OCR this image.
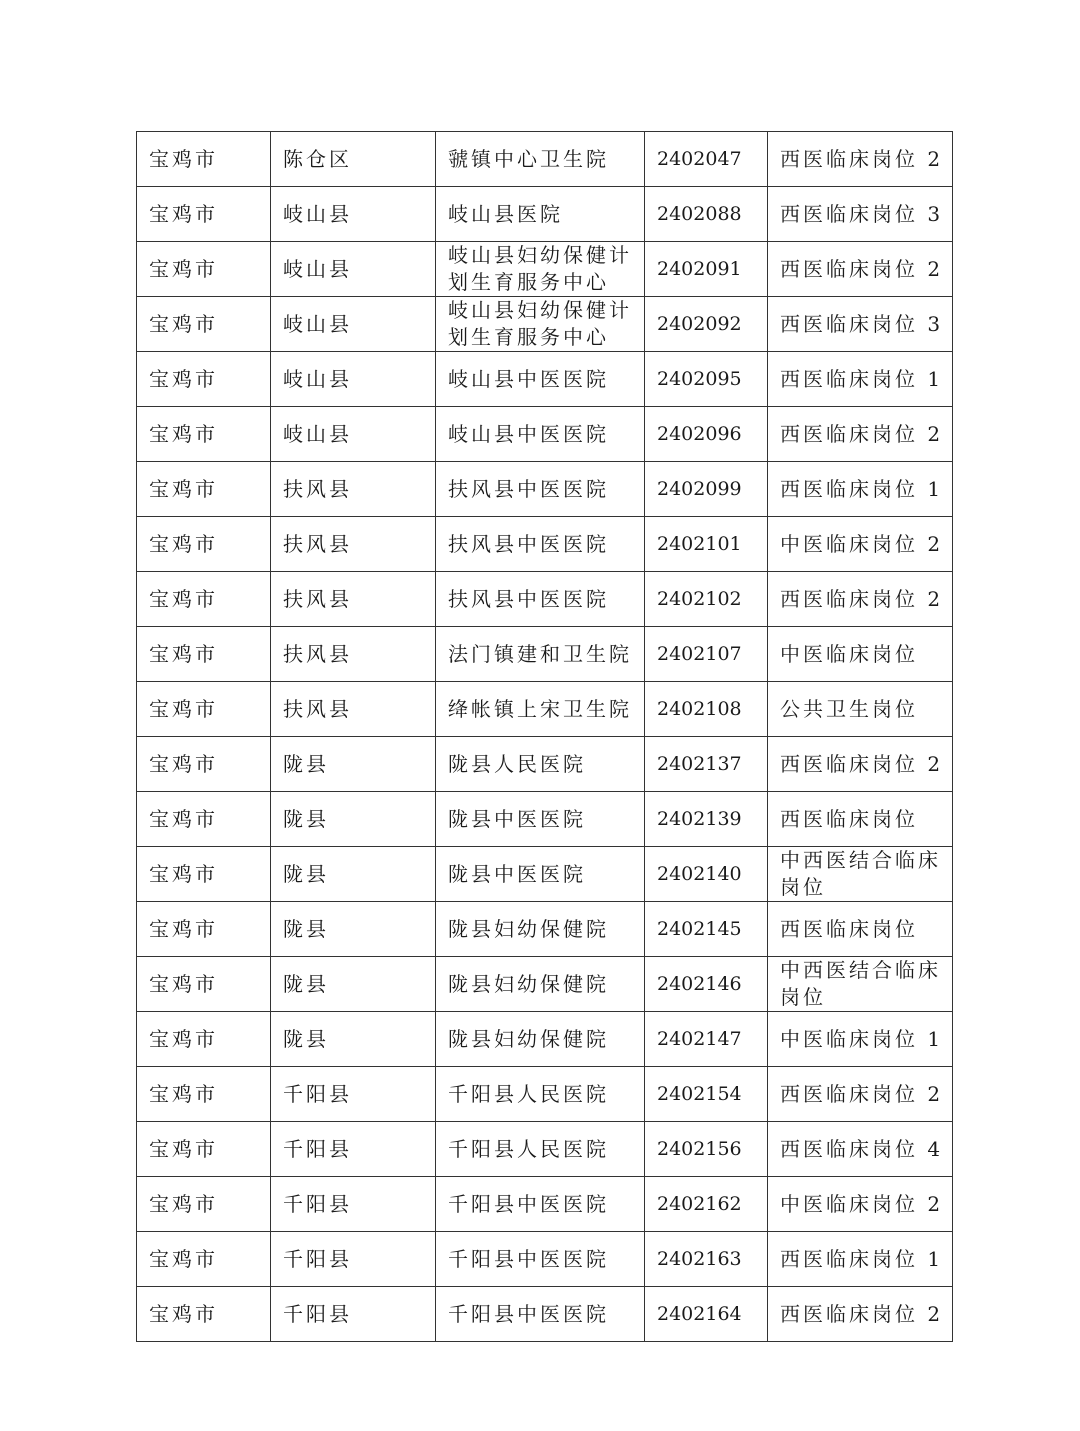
宝鸡市	陈仓区	虢镇中心卫生院	2402047	西医临床岗位 2
宝鸡市	岐山县	岐山县医院	2402088	西医临床岗位 3
宝鸡市	岐山县	岐山县妇幼保健计划生育服务中心	2402091	西医临床岗位 2
宝鸡市	岐山县	岐山县妇幼保健计划生育服务中心	2402092	西医临床岗位 3
宝鸡市	岐山县	岐山县中医医院	2402095	西医临床岗位 1
宝鸡市	岐山县	岐山县中医医院	2402096	西医临床岗位 2
宝鸡市	扶风县	扶风县中医医院	2402099	西医临床岗位 1
宝鸡市	扶风县	扶风县中医医院	2402101	中医临床岗位 2
宝鸡市	扶风县	扶风县中医医院	2402102	西医临床岗位 2
宝鸡市	扶风县	法门镇建和卫生院	2402107	中医临床岗位
宝鸡市	扶风县	绛帐镇上宋卫生院	2402108	公共卫生岗位
宝鸡市	陇县	陇县人民医院	2402137	西医临床岗位 2
宝鸡市	陇县	陇县中医医院	2402139	西医临床岗位
宝鸡市	陇县	陇县中医医院	2402140	中西医结合临床岗位
宝鸡市	陇县	陇县妇幼保健院	2402145	西医临床岗位
宝鸡市	陇县	陇县妇幼保健院	2402146	中西医结合临床岗位
宝鸡市	陇县	陇县妇幼保健院	2402147	中医临床岗位 1
宝鸡市	千阳县	千阳县人民医院	2402154	西医临床岗位 2
宝鸡市	千阳县	千阳县人民医院	2402156	西医临床岗位 4
宝鸡市	千阳县	千阳县中医医院	2402162	中医临床岗位 2
宝鸡市	千阳县	千阳县中医医院	2402163	西医临床岗位 1
宝鸡市	千阳县	千阳县中医医院	2402164	西医临床岗位 2
